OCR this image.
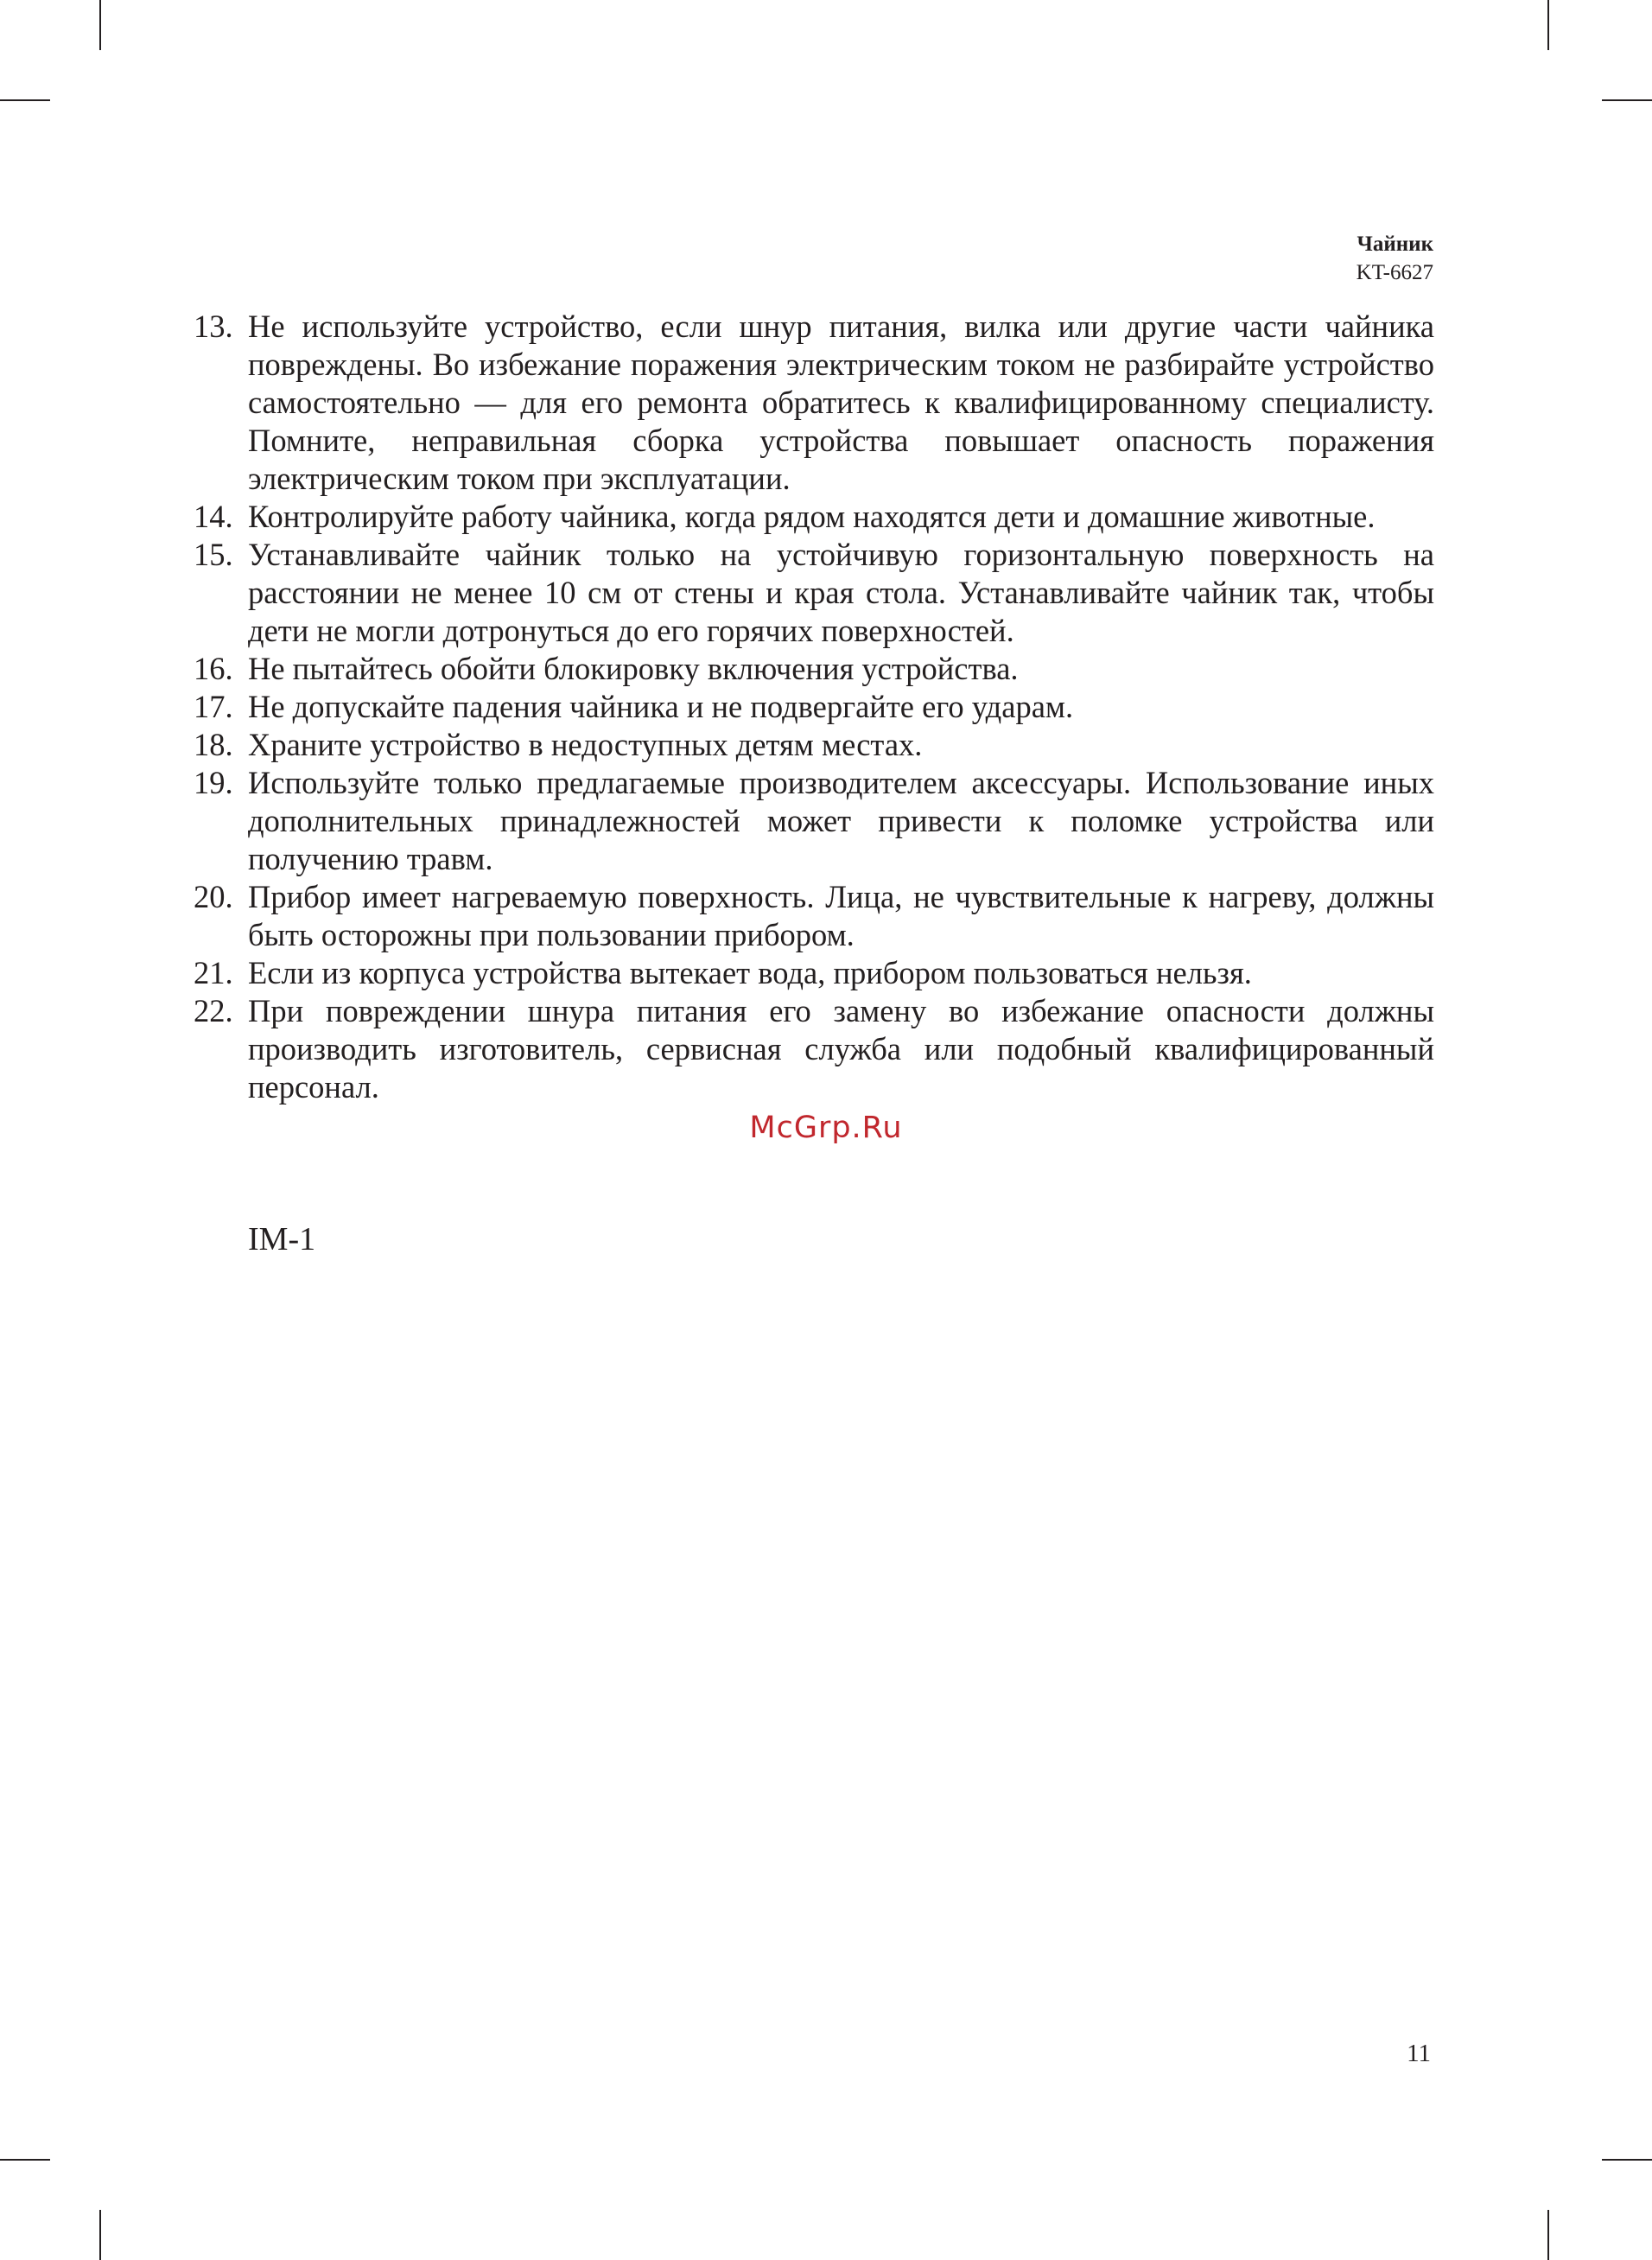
Чайник
KT-6627
13. Не используйте устройство, если шнур питания, вилка или другие части чайника повреждены. Во избежание поражения электрическим током не разбирайте устройство самостоятельно — для его ремонта обратитесь к квалифицированному специалисту. Помните, неправильная сборка устройства повышает опасность поражения электрическим током при эксплуатации.
14. Контролируйте работу чайника, когда рядом находятся дети и домашние животные.
15. Устанавливайте чайник только на устойчивую горизонтальную поверхность на расстоянии не менее 10 см от стены и края стола. Устанавливайте чайник так, чтобы дети не могли дотронуться до его горячих поверхностей.
16. Не пытайтесь обойти блокировку включения устройства.
17. Не допускайте падения чайника и не подвергайте его ударам.
18. Храните устройство в недоступных детям местах.
19. Используйте только предлагаемые производителем аксессуары. Использование иных дополнительных принадлежностей может привести к поломке устройства или получению травм.
20. Прибор имеет нагреваемую поверхность. Лица, не чувствительные к нагреву, должны быть осторожны при пользовании прибором.
21. Если из корпуса устройства вытекает вода, прибором пользоваться нельзя.
22. При повреждении шнура питания его замену во избежание опасности должны производить изготовитель, сервисная служба или подобный квалифицированный персонал.
McGrp.Ru
IM-1
11
